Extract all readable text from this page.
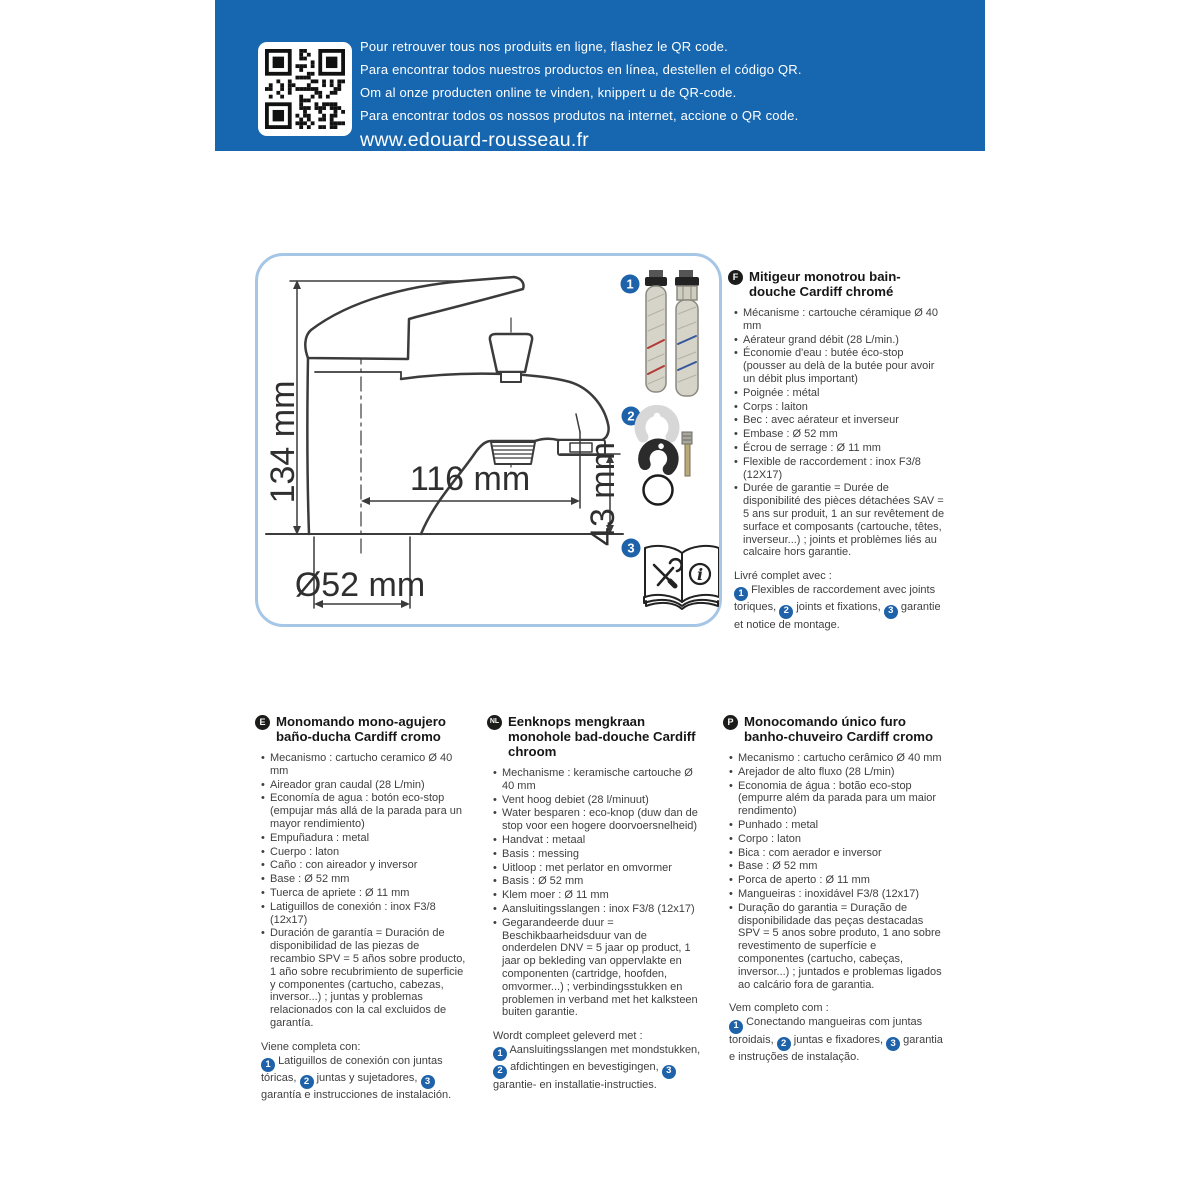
Pour retrouver tous nos produits en ligne, flashez le QR code.

Para encontrar todos nuestros productos en línea, destellen el código QR.

Om al onze producten online te vinden, knippert u de QR-code.

Para encontrar todos os nossos produtos na internet, accione o QR code.

www.edouard-rousseau.fr

134 mm	116 mm 43 mm
Ø52 mm
1
2
3
i
F Mitigeur monotrou bain-douche Cardiff chromé
• Mécanisme : cartouche céramique Ø 40 mm
• Aérateur grand débit (28 L/min.)
• Économie d'eau : butée éco-stop (pousser au delà de la butée pour avoir un débit plus important)
• Poignée : métal
• Corps : laiton
• Bec : avec aérateur et inverseur
• Embase : Ø 52 mm
• Écrou de serrage : Ø 11 mm
• Flexible de raccordement : inox F3/8 (12X17)
• Durée de garantie = Durée de disponibilité des pièces détachées SAV = 5 ans sur produit, 1 an sur revêtement de surface et composants (cartouche, têtes, inverseur...) ; joints et problèmes liés au calcaire hors garantie.

Livré complet avec :
1 Flexibles de raccordement avec joints toriques, 2 joints et fixations, 3 garantie et notice de montage.

E Monomando mono-agujero baño-ducha Cardiff cromo
• Mecanismo : cartucho ceramico Ø 40 mm
• Aireador gran caudal (28 L/min)
• Economía de agua : botón eco-stop (empujar más allá de la parada para un mayor rendimiento)
• Empuñadura : metal
• Cuerpo : laton
• Caño : con aireador y inversor
• Base : Ø 52 mm
• Tuerca de apriete : Ø 11 mm
• Latiguillos de conexión : inox F3/8 (12x17)
• Duración de garantía = Duración de disponibilidad de las piezas de recambio SPV = 5 años sobre producto, 1 año sobre recubrimiento de superficie y componentes (cartucho, cabezas, inversor...) ; juntas y problemas relacionados con la cal excluidos de garantía.

Viene completa con:
1 Latiguillos de conexión con juntas tóricas, 2 juntas y sujetadores, 3 garantía e instrucciones de instalación.

NL Eenknops mengkraan monohole bad-douche Cardiff chroom
• Mechanisme : keramische cartouche Ø 40 mm
• Vent hoog debiet (28 l/minuut)
• Water besparen : eco-knop (duw dan de stop voor een hogere doorvoersnelheid)
• Handvat : metaal
• Basis : messing
• Uitloop : met perlator en omvormer
• Basis : Ø 52 mm
• Klem moer : Ø 11 mm
• Aansluitingsslangen : inox F3/8 (12x17)
• Gegarandeerde duur = Beschikbaarheidsduur van de onderdelen DNV = 5 jaar op product, 1 jaar op bekleding van oppervlakte en componenten (cartridge, hoofden, omvormer...) ; verbindingsstukken en problemen in verband met het kalksteen buiten garantie.

Wordt compleet geleverd met :
1 Aansluitingsslangen met mondstukken, 2 afdichtingen en bevestigingen, 3 garantie- en installatie-instructies.

P Monocomando único furo banho-chuveiro Cardiff cromo
• Mecanismo : cartucho cerâmico Ø 40 mm
• Arejador de alto fluxo (28 L/min)
• Economia de água : botão eco-stop (empurre além da parada para um maior rendimento)
• Punhado : metal
• Corpo : laton
• Bica : com aerador e inversor
• Base : Ø 52 mm
• Porca de aperto : Ø 11 mm
• Mangueiras : inoxidável F3/8 (12x17)
• Duração do garantia = Duração de disponibilidade das peças destacadas SPV = 5 anos sobre produto, 1 ano sobre revestimento de superfície e componentes (cartucho, cabeças, inversor...) ; juntados e problemas ligados ao calcário fora de garantia.

Vem completo com :
1 Conectando mangueiras com juntas toroidais, 2 juntas e fixadores, 3 garantia e instruções de instalação.
